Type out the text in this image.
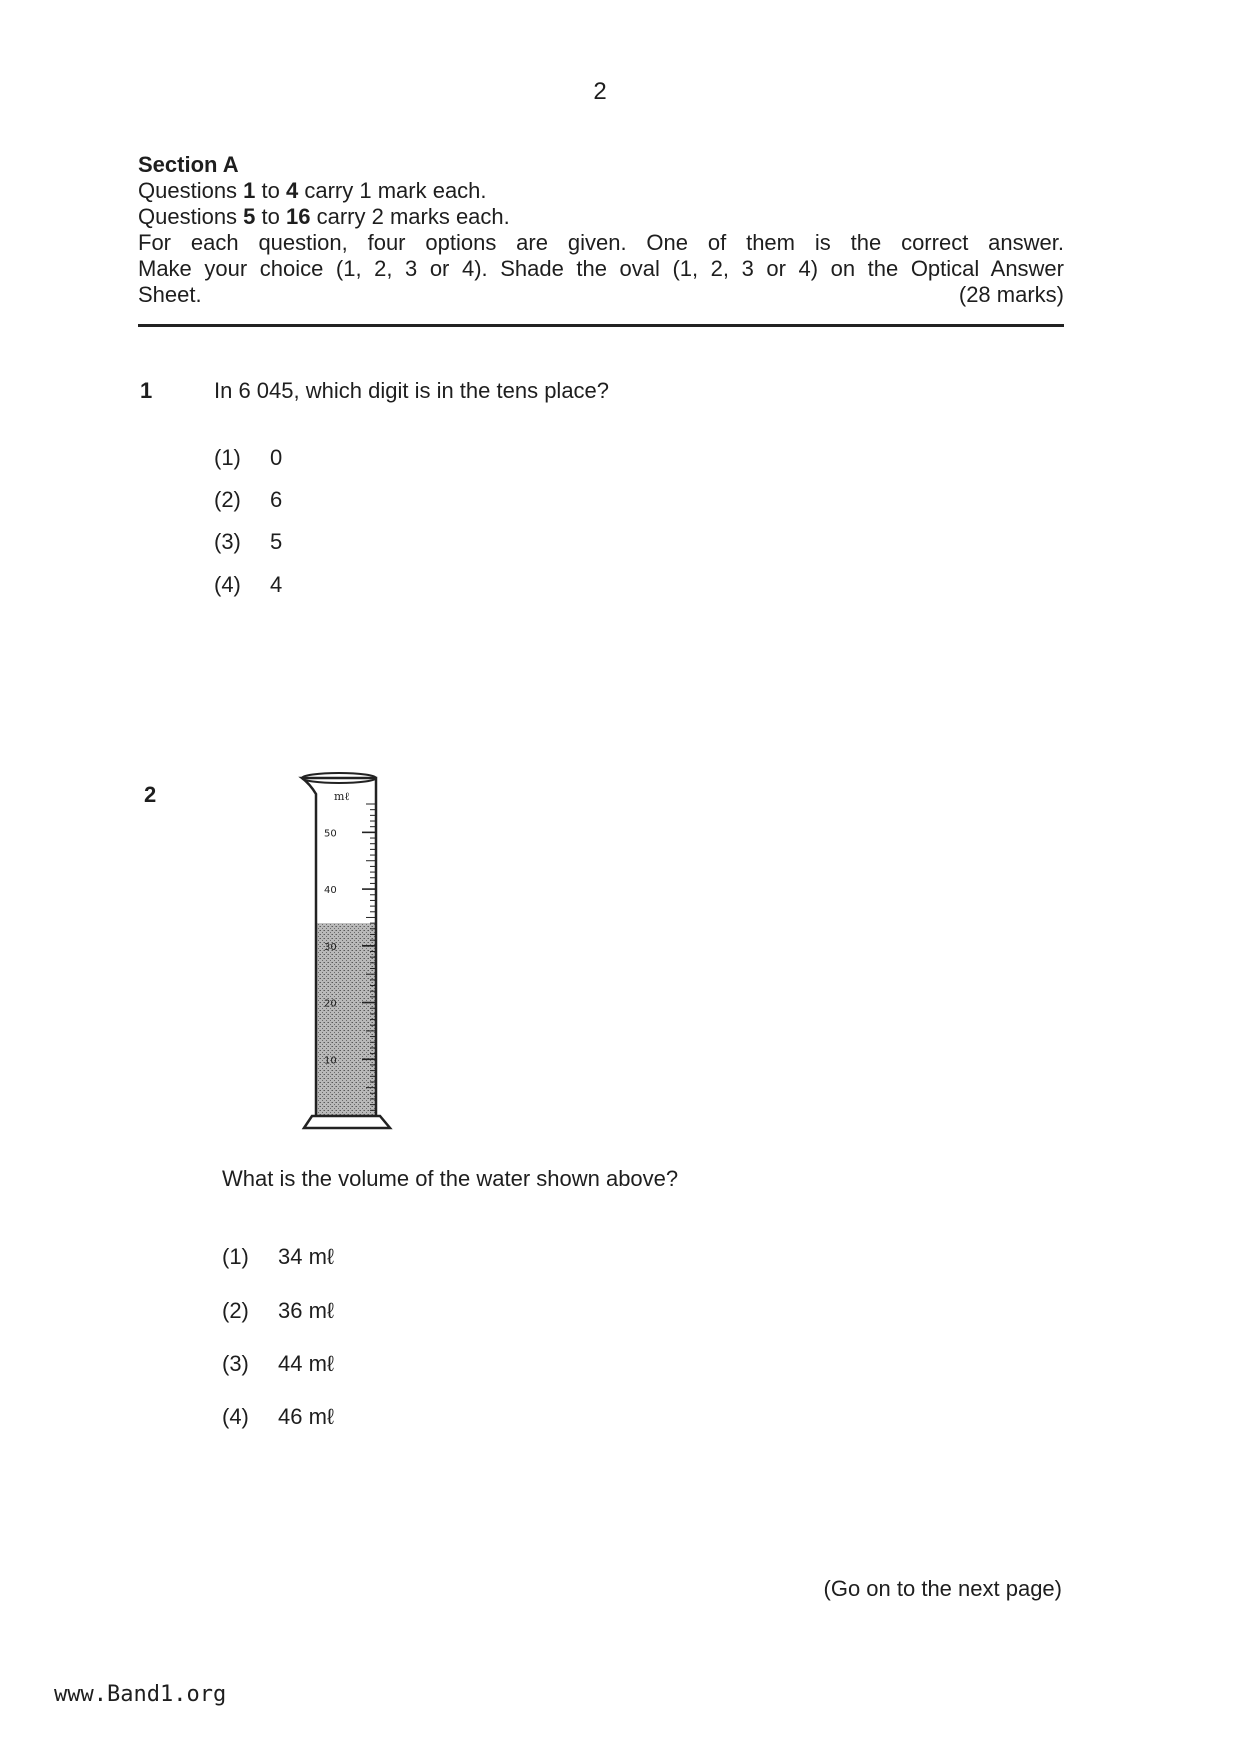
2
Section A
Questions 1 to 4 carry 1 mark each.
Questions 5 to 16 carry 2 marks each.
For each question, four options are given. One of them is the correct answer.
Make your choice (1, 2, 3 or 4). Shade the oval (1, 2, 3 or 4) on the Optical Answer
Sheet.	(28 marks)
1	In 6 045, which digit is in the tens place?
(1)	0
(2)	6
(3)	5
(4)	4
2	mℓ
50
40
30
20
10
What is the volume of the water shown above?
(1)	34 mℓ
(2)	36 mℓ
(3)	44 mℓ
(4)	46 mℓ
(Go on to the next page)
www.Band1.org
